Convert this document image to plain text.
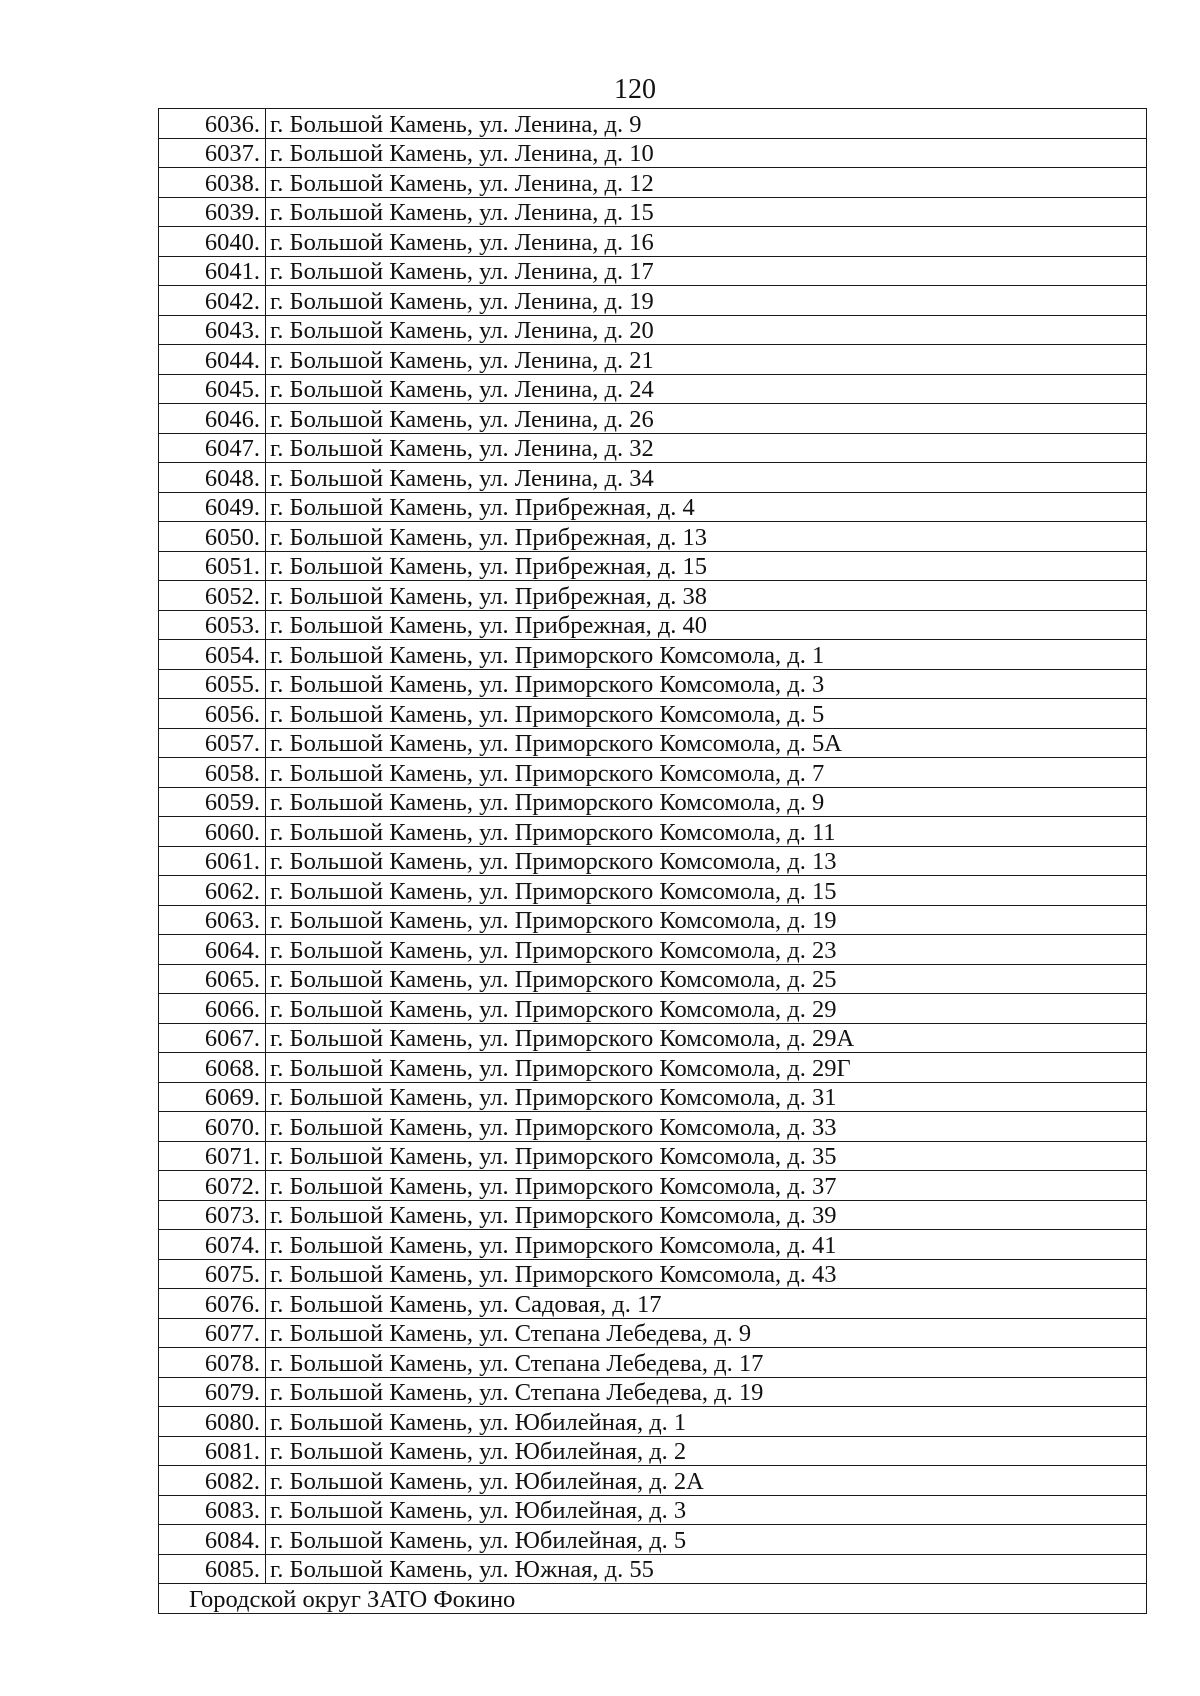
120
6036.	г. Большой Камень, ул. Ленина, д. 9
6037.	г. Большой Камень, ул. Ленина, д. 10
6038.	г. Большой Камень, ул. Ленина, д. 12
6039.	г. Большой Камень, ул. Ленина, д. 15
6040.	г. Большой Камень, ул. Ленина, д. 16
6041.	г. Большой Камень, ул. Ленина, д. 17
6042.	г. Большой Камень, ул. Ленина, д. 19
6043.	г. Большой Камень, ул. Ленина, д. 20
6044.	г. Большой Камень, ул. Ленина, д. 21
6045.	г. Большой Камень, ул. Ленина, д. 24
6046.	г. Большой Камень, ул. Ленина, д. 26
6047.	г. Большой Камень, ул. Ленина, д. 32
6048.	г. Большой Камень, ул. Ленина, д. 34
6049.	г. Большой Камень, ул. Прибрежная, д. 4
6050.	г. Большой Камень, ул. Прибрежная, д. 13
6051.	г. Большой Камень, ул. Прибрежная, д. 15
6052.	г. Большой Камень, ул. Прибрежная, д. 38
6053.	г. Большой Камень, ул. Прибрежная, д. 40
6054.	г. Большой Камень, ул. Приморского Комсомола, д. 1
6055.	г. Большой Камень, ул. Приморского Комсомола, д. 3
6056.	г. Большой Камень, ул. Приморского Комсомола, д. 5
6057.	г. Большой Камень, ул. Приморского Комсомола, д. 5А
6058.	г. Большой Камень, ул. Приморского Комсомола, д. 7
6059.	г. Большой Камень, ул. Приморского Комсомола, д. 9
6060.	г. Большой Камень, ул. Приморского Комсомола, д. 11
6061.	г. Большой Камень, ул. Приморского Комсомола, д. 13
6062.	г. Большой Камень, ул. Приморского Комсомола, д. 15
6063.	г. Большой Камень, ул. Приморского Комсомола, д. 19
6064.	г. Большой Камень, ул. Приморского Комсомола, д. 23
6065.	г. Большой Камень, ул. Приморского Комсомола, д. 25
6066.	г. Большой Камень, ул. Приморского Комсомола, д. 29
6067.	г. Большой Камень, ул. Приморского Комсомола, д. 29А
6068.	г. Большой Камень, ул. Приморского Комсомола, д. 29Г
6069.	г. Большой Камень, ул. Приморского Комсомола, д. 31
6070.	г. Большой Камень, ул. Приморского Комсомола, д. 33
6071.	г. Большой Камень, ул. Приморского Комсомола, д. 35
6072.	г. Большой Камень, ул. Приморского Комсомола, д. 37
6073.	г. Большой Камень, ул. Приморского Комсомола, д. 39
6074.	г. Большой Камень, ул. Приморского Комсомола, д. 41
6075.	г. Большой Камень, ул. Приморского Комсомола, д. 43
6076.	г. Большой Камень, ул. Садовая, д. 17
6077.	г. Большой Камень, ул. Степана Лебедева, д. 9
6078.	г. Большой Камень, ул. Степана Лебедева, д. 17
6079.	г. Большой Камень, ул. Степана Лебедева, д. 19
6080.	г. Большой Камень, ул. Юбилейная, д. 1
6081.	г. Большой Камень, ул. Юбилейная, д. 2
6082.	г. Большой Камень, ул. Юбилейная, д. 2А
6083.	г. Большой Камень, ул. Юбилейная, д. 3
6084.	г. Большой Камень, ул. Юбилейная, д. 5
6085.	г. Большой Камень, ул. Южная, д. 55
Городской округ ЗАТО Фокино	
